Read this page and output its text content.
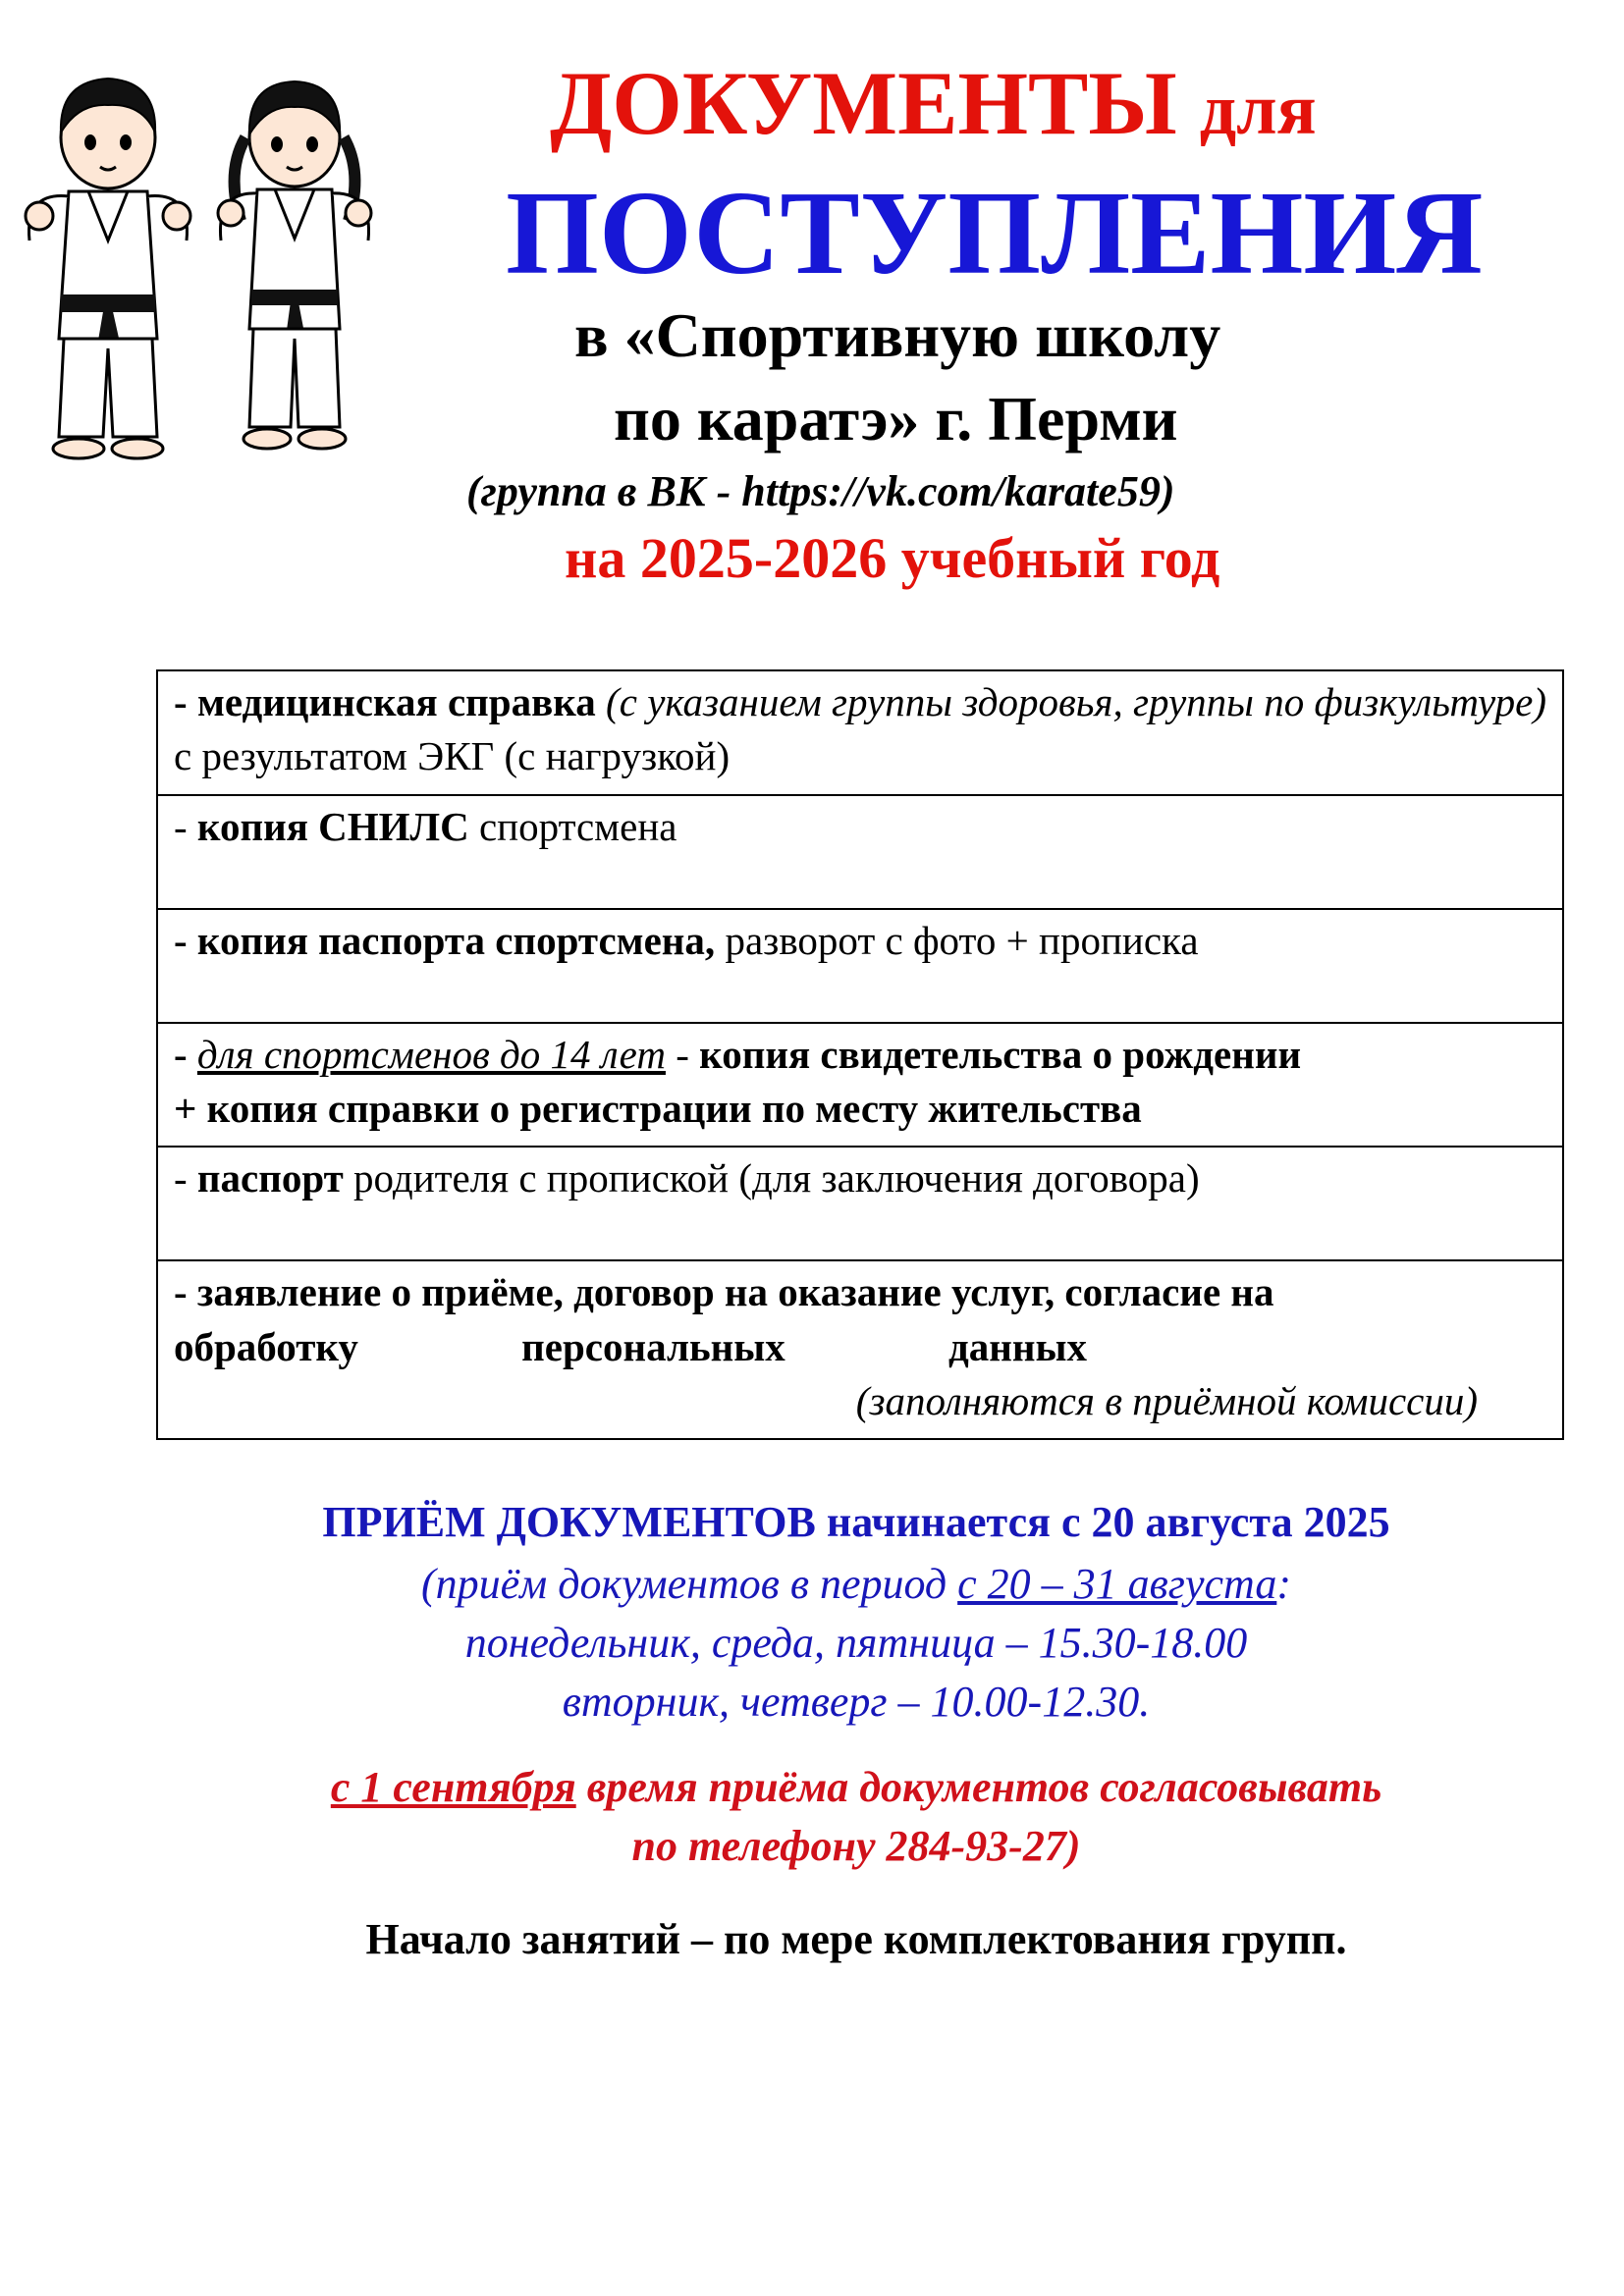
ДОКУМЕНТЫ для
ПОСТУПЛЕНИЯ
в «Спортивную школу
по каратэ» г. Перми
(группа в ВК - https://vk.com/karate59)
на 2025-2026 учебный год
- медицинская справка (с указанием группы здоровья, группы по физкультуре) с результатом ЭКГ (с нагрузкой)
- копия СНИЛС спортсмена
- копия паспорта спортсмена, разворот с фото + прописка
- для спортсменов до 14 лет - копия свидетельства о рождении
+ копия справки о регистрации по месту жительства
- паспорт родителя с пропиской (для заключения договора)
- заявление о приёме, договор на оказание услуг, согласие на
обработку	персональных	данных
(заполняются в приёмной комиссии)
ПРИЁМ ДОКУМЕНТОВ начинается с 20 августа 2025
(приём документов в период с 20 – 31 августа:
понедельник, среда, пятница – 15.30-18.00
вторник, четверг – 10.00-12.30.
с 1 сентября время приёма документов согласовывать
по телефону 284-93-27)
Начало занятий – по мере комплектования групп.
